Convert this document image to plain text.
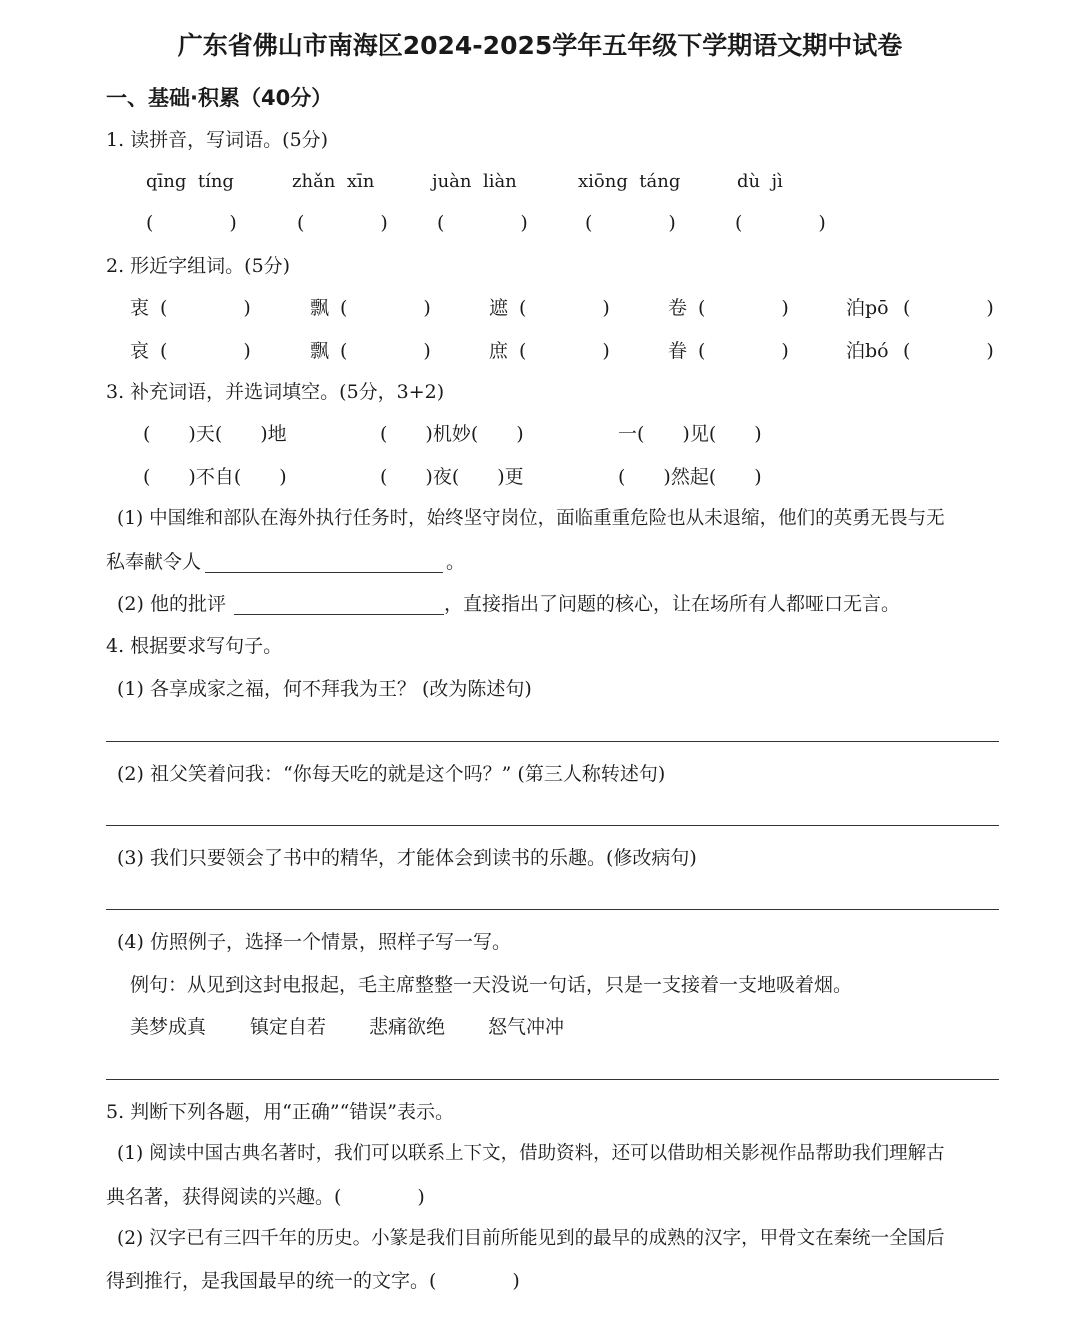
广东省佛山市南海区2024-2025学年五年级下学期语文期中试卷
一、基础·积累（40分）
1. 读拼音，写词语。(5分)
qīng  tíng	zhǎn  xīn	juàn  liàn	xiōng  táng	dù  jì
(　　　　)	(　　　　)	(　　　　)	(　　　　)	(　　　　)
2. 形近字组词。(5分)
衷 (　　　　)	飘 (　　　　)	遮 (　　　　)	卷 (　　　　)	泊pō (　　　　)
哀 (　　　　)	飘 (　　　　)	庶 (　　　　)	眷 (　　　　)	泊bó (　　　　)
3. 补充词语，并选词填空。(5分，3+2)
(　　)天(　　)地	(　　)机妙(　　)	一(　　)见(　　)
(　　)不自(　　)	(　　)夜(　　)更	(　　)然起(　　)
(1) 中国维和部队在海外执行任务时，始终坚守岗位，面临重重危险也从未退缩，他们的英勇无畏与无
私奉献令人	。
(2) 他的批评	，直接指出了问题的核心，让在场所有人都哑口无言。
4. 根据要求写句子。
(1) 各享成家之福，何不拜我为王？ (改为陈述句)
(2) 祖父笑着问我：“你每天吃的就是这个吗？” (第三人称转述句)
(3) 我们只要领会了书中的精华，才能体会到读书的乐趣。(修改病句)
(4) 仿照例子，选择一个情景，照样子写一写。
例句：从见到这封电报起，毛主席整整一天没说一句话，只是一支接着一支地吸着烟。
美梦成真 镇定自若 悲痛欲绝 怒气冲冲
5. 判断下列各题，用“正确”“错误”表示。
(1) 阅读中国古典名著时，我们可以联系上下文，借助资料，还可以借助相关影视作品帮助我们理解古
典名著，获得阅读的兴趣。(　　　　)
(2) 汉字已有三四千年的历史。小篆是我们目前所能见到的最早的成熟的汉字，甲骨文在秦统一全国后
得到推行，是我国最早的统一的文字。(　　　　)
